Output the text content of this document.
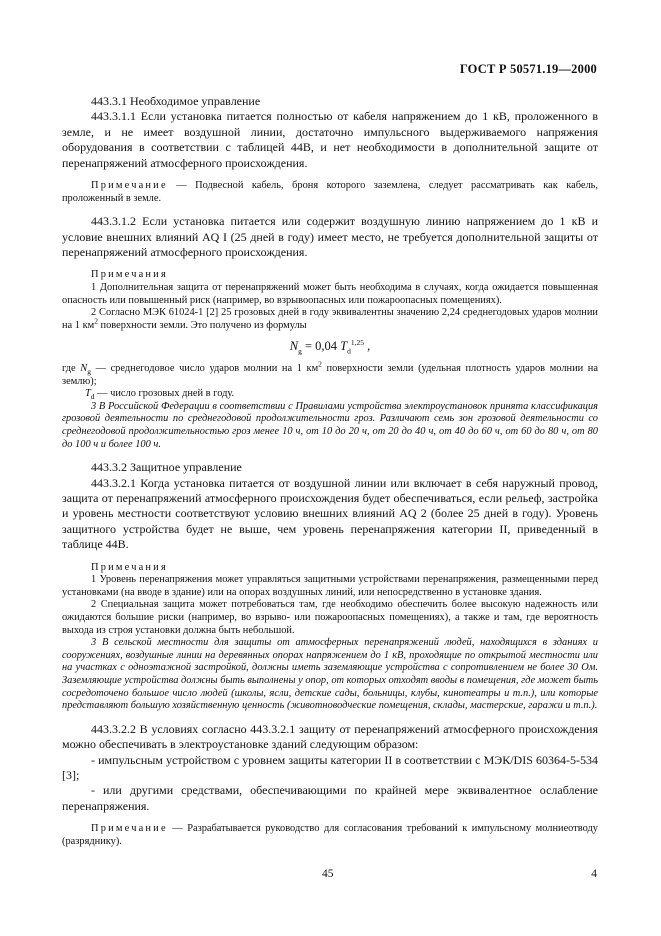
ГОСТ Р 50571.19—2000

443.3.1 Необходимое управление

443.3.1.1 Если установка питается полностью от кабеля напряжением до 1 кВ, проложенного в земле, и не имеет воздушной линии, достаточно импульсного выдерживаемого напряжения оборудования в соответствии с таблицей 44В, и нет необходимости в дополнительной защите от перенапряжений атмосферного происхождения.

Примечание — Подвесной кабель, броня которого заземлена, следует рассматривать как кабель, проложенный в земле.

443.3.1.2 Если установка питается или содержит воздушную линию напряжением до 1 кВ и условие внешних влияний AQ I (25 дней в году) имеет место, не требуется дополнительной защиты от перенапряжений атмосферного происхождения.

Примечания

1 Дополнительная защита от перенапряжений может быть необходима в случаях, когда ожидается повышенная опасность или повышенный риск (например, во взрывоопасных или пожароопасных помещениях).

2 Согласно МЭК 61024-1 [2] 25 грозовых дней в году эквивалентны значению 2,24 среднегодовых ударов молнии на 1 $км^2$ поверхности земли. Это получено из формулы

$N_g = 0,04$ $T_d^{1,25}$ ,

где $N_g$ — среднегодовое число ударов молнии на 1 $км^2$ поверхности земли (удельная плотность ударов молнии на землю);

$T_d$ — число грозовых дней в году.

3 В Российской Федерации в соответствии с Правилами устройства электроустановок принята классификация грозовой деятельности по среднегодовой продолжительности гроз. Различают семь зон грозовой деятельности со среднегодовой продолжительностью гроз менее 10 ч, от 10 до 20 ч, от 20 до 40 ч, от 40 до 60 ч, от 60 до 80 ч, от 80 до 100 ч и более 100 ч.

443.3.2 Защитное управление

443.3.2.1 Когда установка питается от воздушной линии или включает в себя наружный провод, защита от перенапряжений атмосферного происхождения будет обеспечиваться, если рельеф, застройка и уровень местности соответствуют условию внешних влияний AQ 2 (более 25 дней в году). Уровень защитного устройства будет не выше, чем уровень перенапряжения категории II, приведенный в таблице 44В.

Примечания

1 Уровень перенапряжения может управляться защитными устройствами перенапряжения, размещенными перед установками (на вводе в здание) или на опорах воздушных линий, или непосредственно в установке здания.

2 Специальная защита может потребоваться там, где необходимо обеспечить более высокую надежность или ожидаются большие риски (например, во взрыво- или пожароопасных помещениях), а также и там, где вероятность выхода из строя установки должна быть небольшой.

3 В сельской местности для защиты от атмосферных перенапряжений людей, находящихся в зданиях и сооружениях, воздушные линии на деревянных опорах напряжением до 1 кВ, проходящие по открытой местности или на участках с одноэтажной застройкой, должны иметь заземляющие устройства с сопротивлением не более 30 Ом. Заземляющие устройства должны быть выполнены у опор, от которых отходят вводы в помещения, где может быть сосредоточено большое число людей (школы, ясли, детские сады, больницы, клубы, кинотеатры и т.п.), или которые представляют большую хозяйственную ценность (животноводческие помещения, склады, мастерские, гаражи и т.п.).

443.3.2.2 В условиях согласно 443.3.2.1 защиту от перенапряжений атмосферного происхождения можно обеспечивать в электроустановке зданий следующим образом:

- импульсным устройством с уровнем защиты категории II в соответствии с МЭК/DIS 60364-5-534 [3];

- или другими средствами, обеспечивающими по крайней мере эквивалентное ослабление перенапряжения.

Примечание — Разрабатывается руководство для согласования требований к импульсному молниеотводу (разряднику).

45	4
